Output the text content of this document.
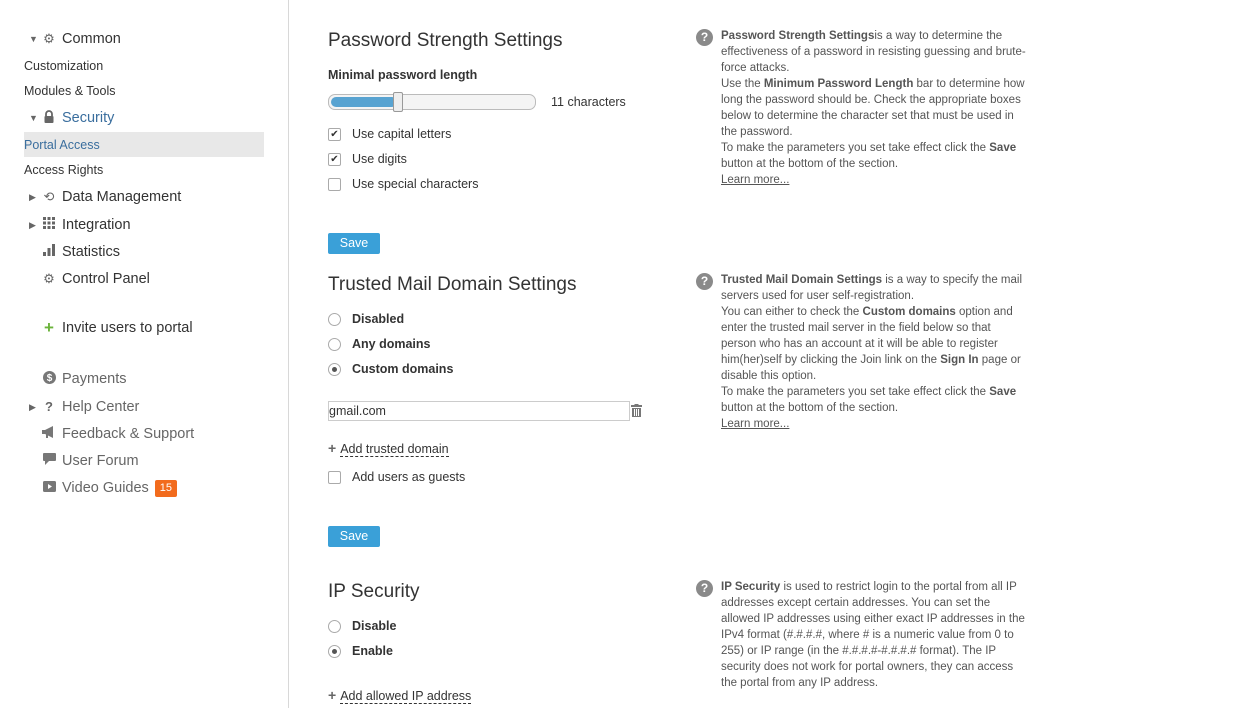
▼ ⚙ Common
Customization
Modules & Tools
▼ Security
Portal Access
Access Rights
▶ ⟲ Data Management
▶ Integration
Statistics
⚙ Control Panel
+ Invite users to portal
$ Payments
▶ ? Help Center
Feedback & Support
User Forum
Video Guides 15
Password Strength Settings
Minimal password length
11 characters
✔ Use capital letters
✔ Use digits
Use special characters
Save
Trusted Mail Domain Settings
Disabled
Any domains
Custom domains
gmail.com
+ Add trusted domain
Add users as guests
Save
IP Security
Disable
Enable
+ Add allowed IP address
?	Password Strength Settingsis a way to determine the effectiveness of a password in resisting guessing and brute-force attacks.
Use the Minimum Password Length bar to determine how long the password should be. Check the appropriate boxes below to determine the character set that must be used in the password.
To make the parameters you set take effect click the Save button at the bottom of the section.
Learn more...
?	Trusted Mail Domain Settings is a way to specify the mail servers used for user self-registration.
You can either to check the Custom domains option and enter the trusted mail server in the field below so that person who has an account at it will be able to register him(her)self by clicking the Join link on the Sign In page or disable this option.
To make the parameters you set take effect click the Save button at the bottom of the section.
Learn more...
?	IP Security is used to restrict login to the portal from all IP addresses except certain addresses. You can set the allowed IP addresses using either exact IP addresses in the IPv4 format (#.#.#.#, where # is a numeric value from 0 to 255) or IP range (in the #.#.#.#-#.#.#.# format). The IP security does not work for portal owners, they can access the portal from any IP address.
